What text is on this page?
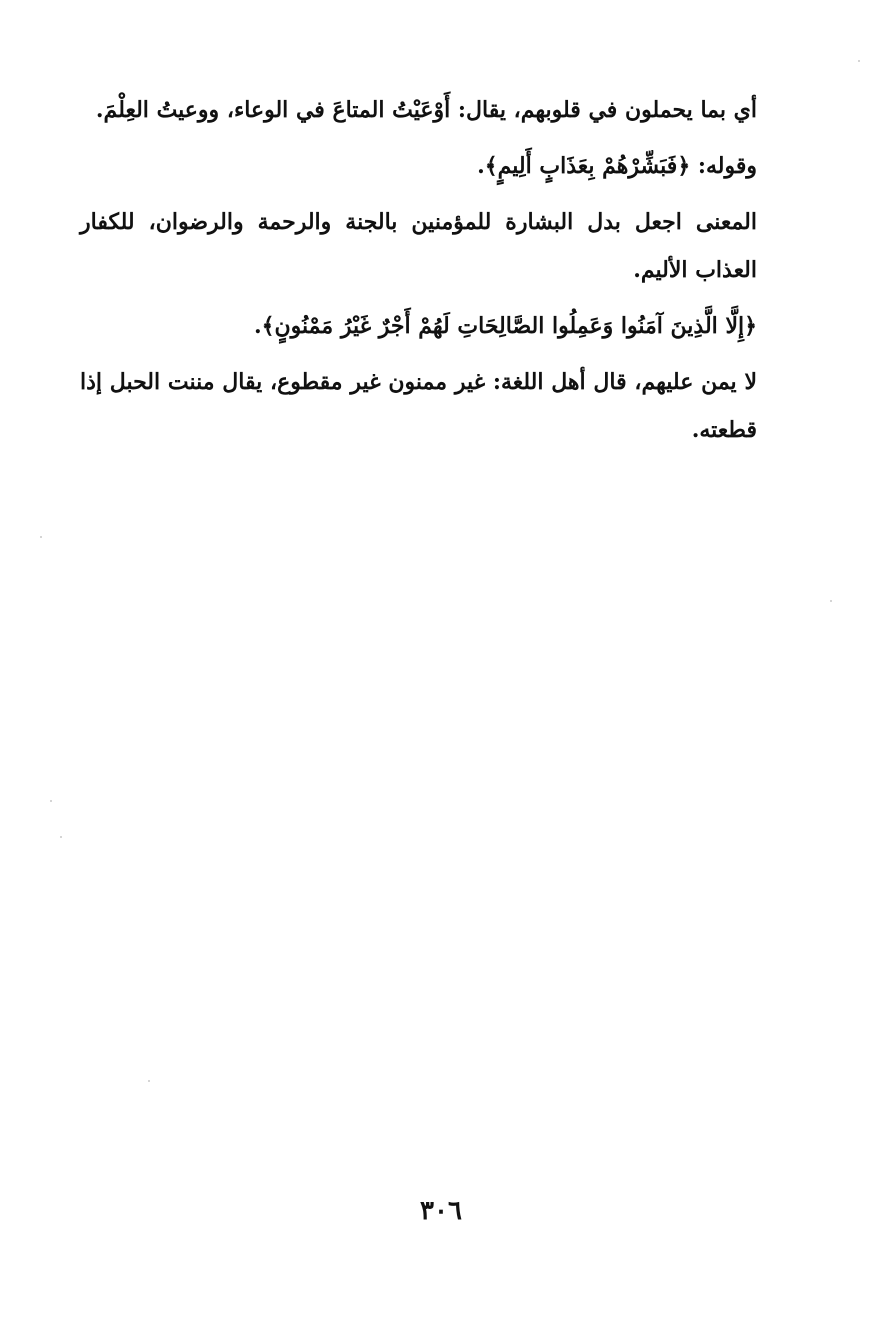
أي بما يحملون في قلوبهم، يقال: أَوْعَيْتُ المتاعَ في الوعاء، ووعيتُ العِلْمَ.

وقوله: ﴿فَبَشِّرْهُمْ بِعَذَابٍ أَلِيمٍ﴾.

المعنى اجعل بدل البشارة للمؤمنين بالجنة والرحمة والرضوان، للكفار العذاب الأليم.

﴿إِلَّا الَّذِينَ آمَنُوا وَعَمِلُوا الصَّالِحَاتِ لَهُمْ أَجْرٌ غَيْرُ مَمْنُونٍ﴾.

لا يمن عليهم، قال أهل اللغة: غير ممنون غير مقطوع، يقال مننت الحبل إذا قطعته.

٣٠٦
